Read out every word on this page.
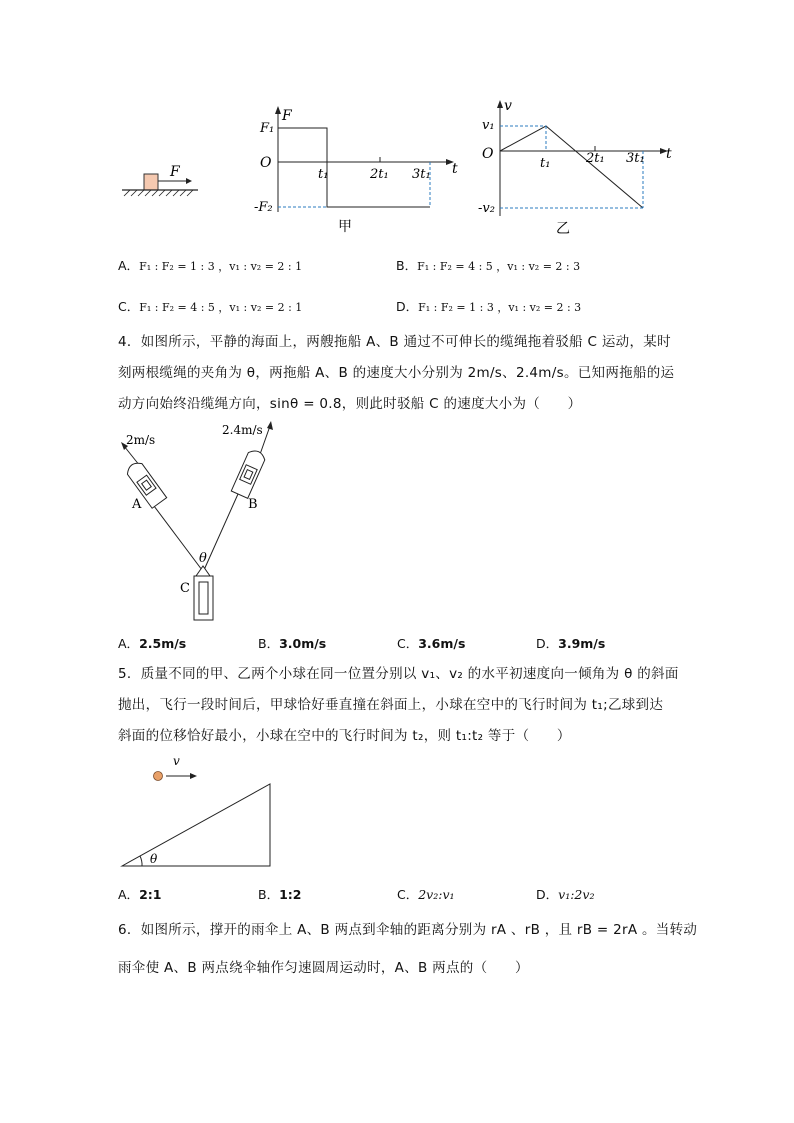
F
F
F₁
-F₂
O	t
t₁	2t₁ 3t₁
甲
v
v₁
-v₂
O	t
t₁	2t₁ 3t₁
乙
A．F₁ : F₂ = 1 : 3 ，v₁ : v₂ = 2 : 1	B．F₁ : F₂ = 4 : 5 ，v₁ : v₂ = 2 : 3
C．F₁ : F₂ = 4 : 5 ，v₁ : v₂ = 2 : 1	D．F₁ : F₂ = 1 : 3 ，v₁ : v₂ = 2 : 3
4．如图所示，平静的海面上，两艘拖船 A、B 通过不可伸长的缆绳拖着驳船 C 运动，某时
刻两根缆绳的夹角为 θ，两拖船 A、B 的速度大小分别为 2m/s、2.4m/s。已知两拖船的运
动方向始终沿缆绳方向，sinθ = 0.8，则此时驳船 C 的速度大小为（　　）
2m/s
2.4m/s
A	B
C
θ
A．2.5m/s	B．3.0m/s	C．3.6m/s	D．3.9m/s
5．质量不同的甲、乙两个小球在同一位置分别以 v₁、v₂ 的水平初速度向一倾角为 θ 的斜面
抛出，飞行一段时间后，甲球恰好垂直撞在斜面上，小球在空中的飞行时间为 t₁;乙球到达
斜面的位移恰好最小，小球在空中的飞行时间为 t₂，则 t₁:t₂ 等于（　　）
v
θ
A．2:1	B．1:2	C．2v₂:v₁	D．v₁:2v₂
6．如图所示，撑开的雨伞上 A、B 两点到伞轴的距离分别为 rA 、rB ，且 rB = 2rA 。当转动
雨伞使 A、B 两点绕伞轴作匀速圆周运动时，A、B 两点的（　　）
